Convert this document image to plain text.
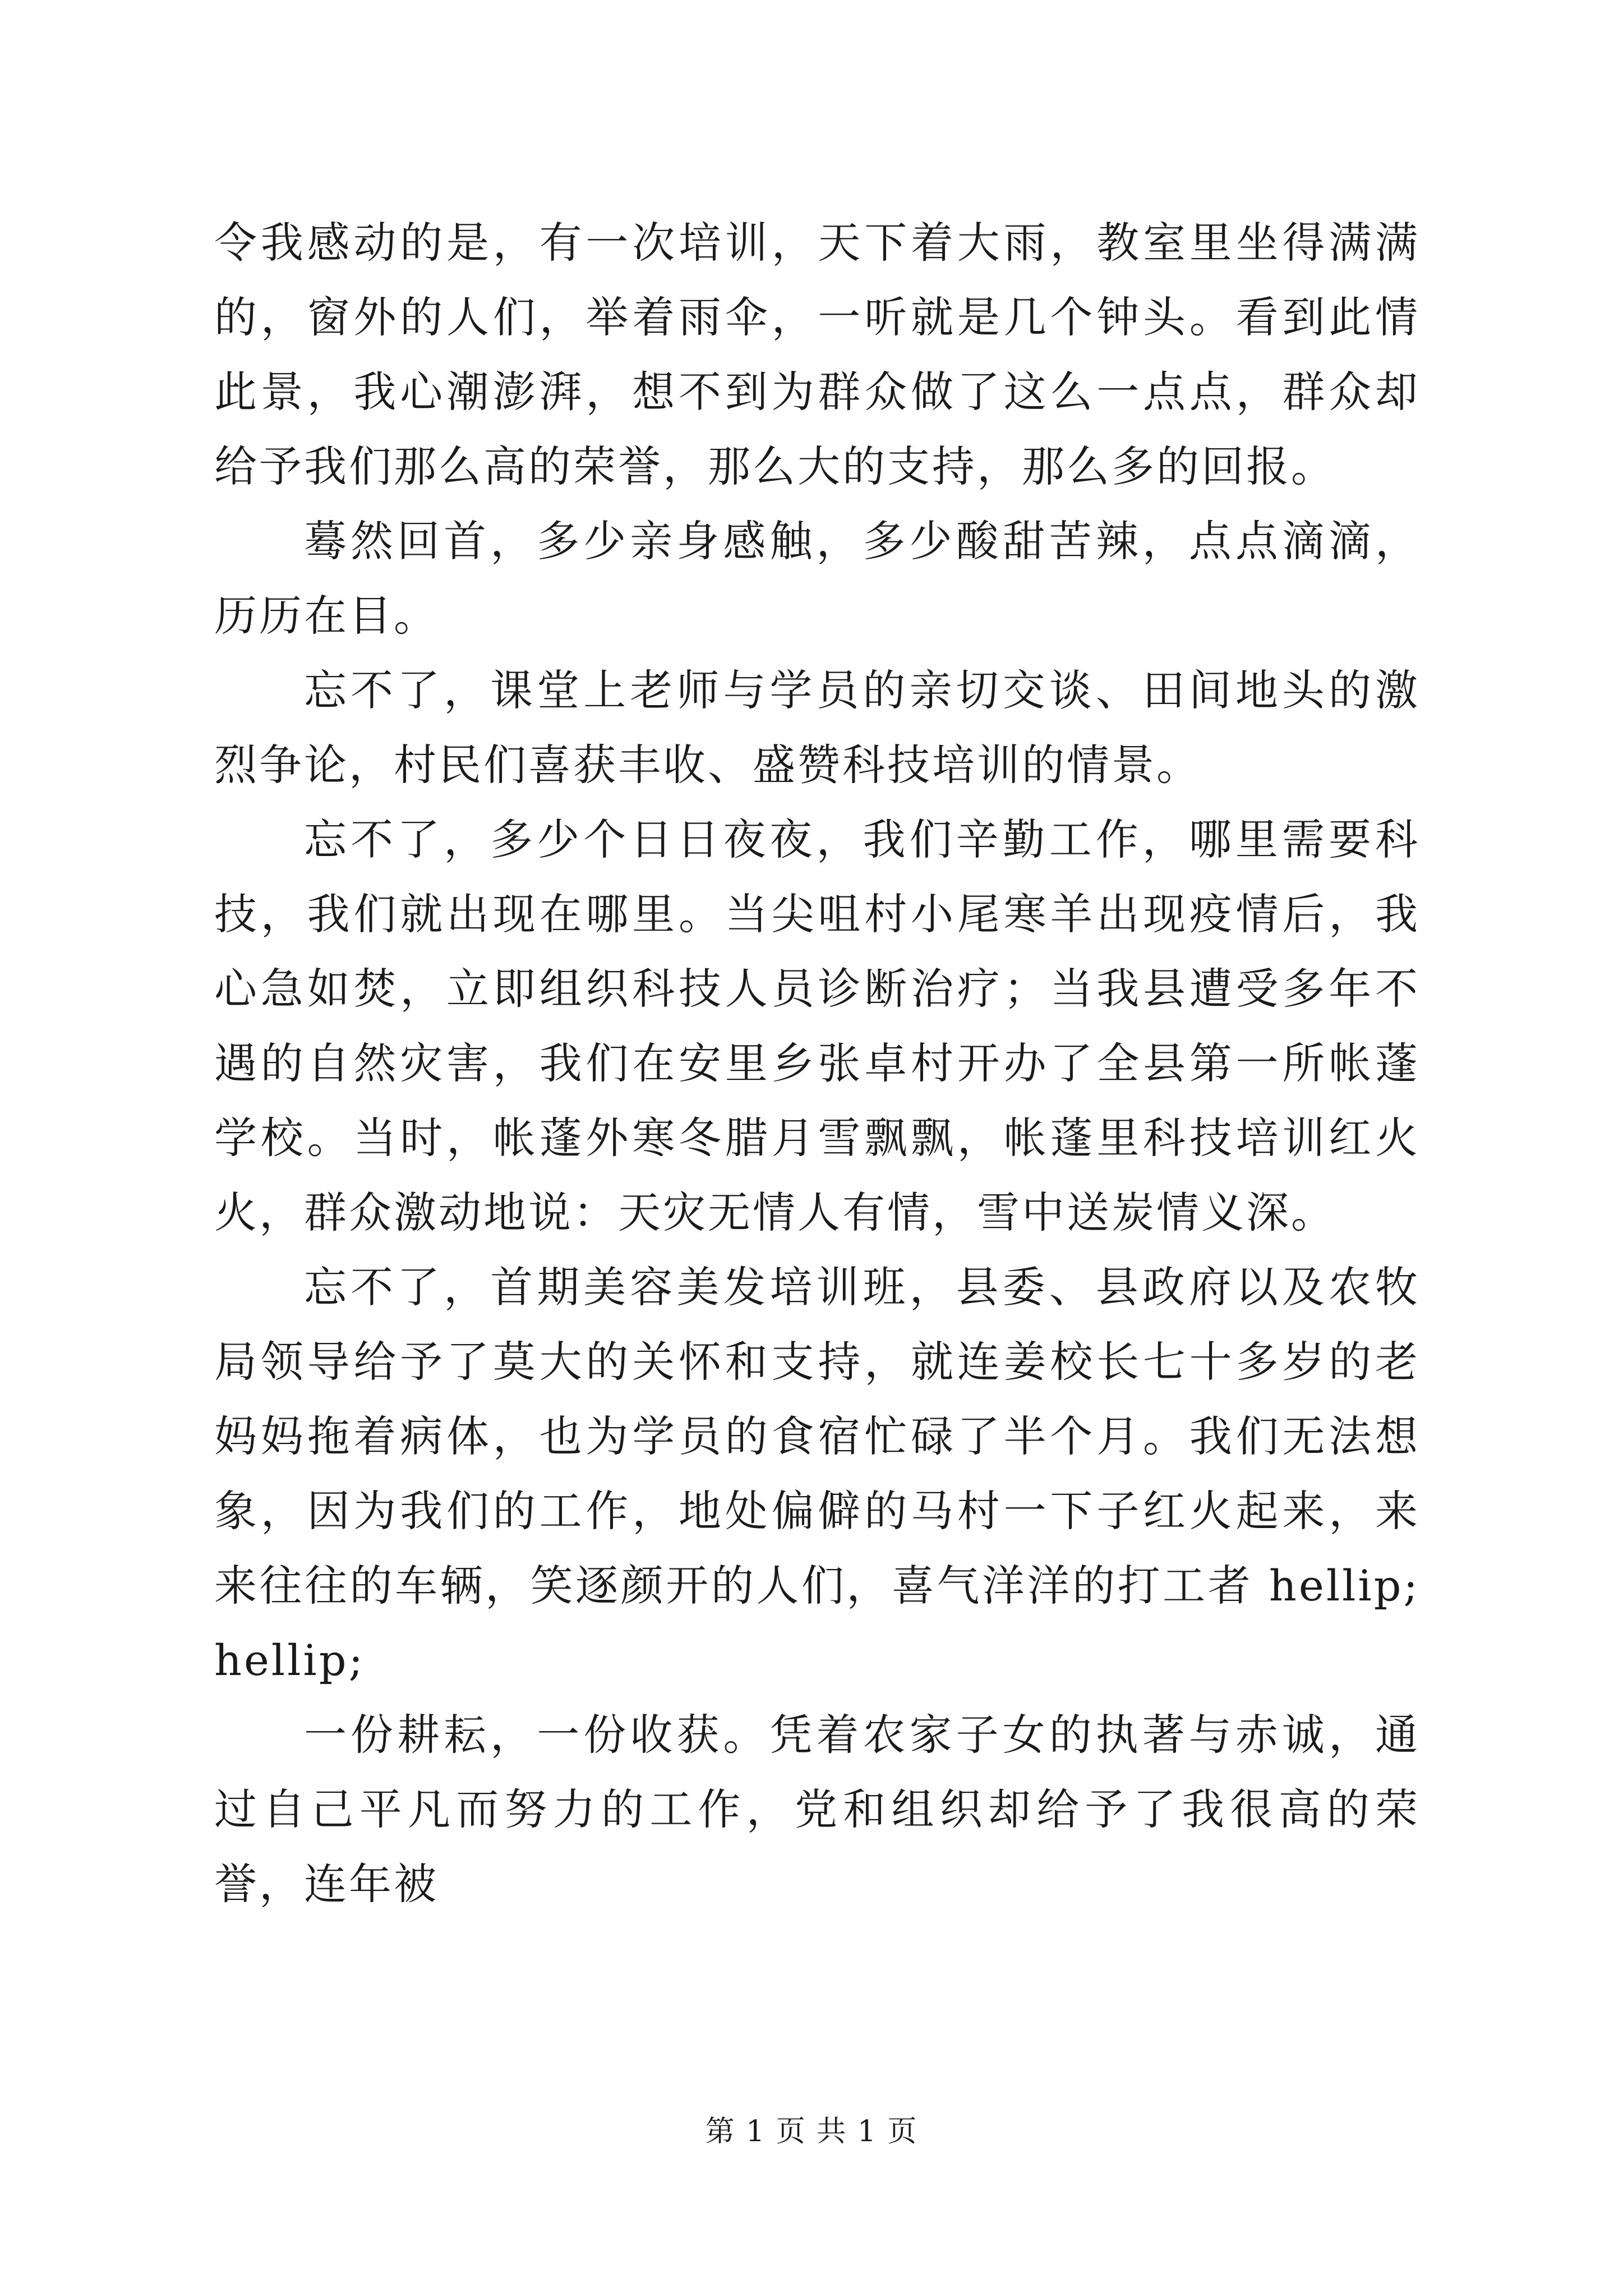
令我感动的是，有一次培训，天下着大雨，教室里坐得满满的，窗外的人们，举着雨伞，一听就是几个钟头。看到此情此景，我心潮澎湃，想不到为群众做了这么一点点，群众却给予我们那么高的荣誉，那么大的支持，那么多的回报。

蓦然回首，多少亲身感触，多少酸甜苦辣，点点滴滴，历历在目。

忘不了，课堂上老师与学员的亲切交谈、田间地头的激烈争论，村民们喜获丰收、盛赞科技培训的情景。

忘不了，多少个日日夜夜，我们辛勤工作，哪里需要科技，我们就出现在哪里。当尖咀村小尾寒羊出现疫情后，我心急如焚，立即组织科技人员诊断治疗；当我县遭受多年不遇的自然灾害，我们在安里乡张卓村开办了全县第一所帐蓬学校。当时，帐蓬外寒冬腊月雪飘飘，帐蓬里科技培训红火火，群众激动地说：天灾无情人有情，雪中送炭情义深。

忘不了，首期美容美发培训班，县委、县政府以及农牧局领导给予了莫大的关怀和支持，就连姜校长七十多岁的老妈妈拖着病体，也为学员的食宿忙碌了半个月。我们无法想象，因为我们的工作，地处偏僻的马村一下子红火起来，来来往往的车辆，笑逐颜开的人们，喜气洋洋的打工者 hellip;hellip;

一份耕耘，一份收获。凭着农家子女的执著与赤诚，通过自己平凡而努力的工作，党和组织却给予了我很高的荣誉，连年被

第 1 页 共 1 页
